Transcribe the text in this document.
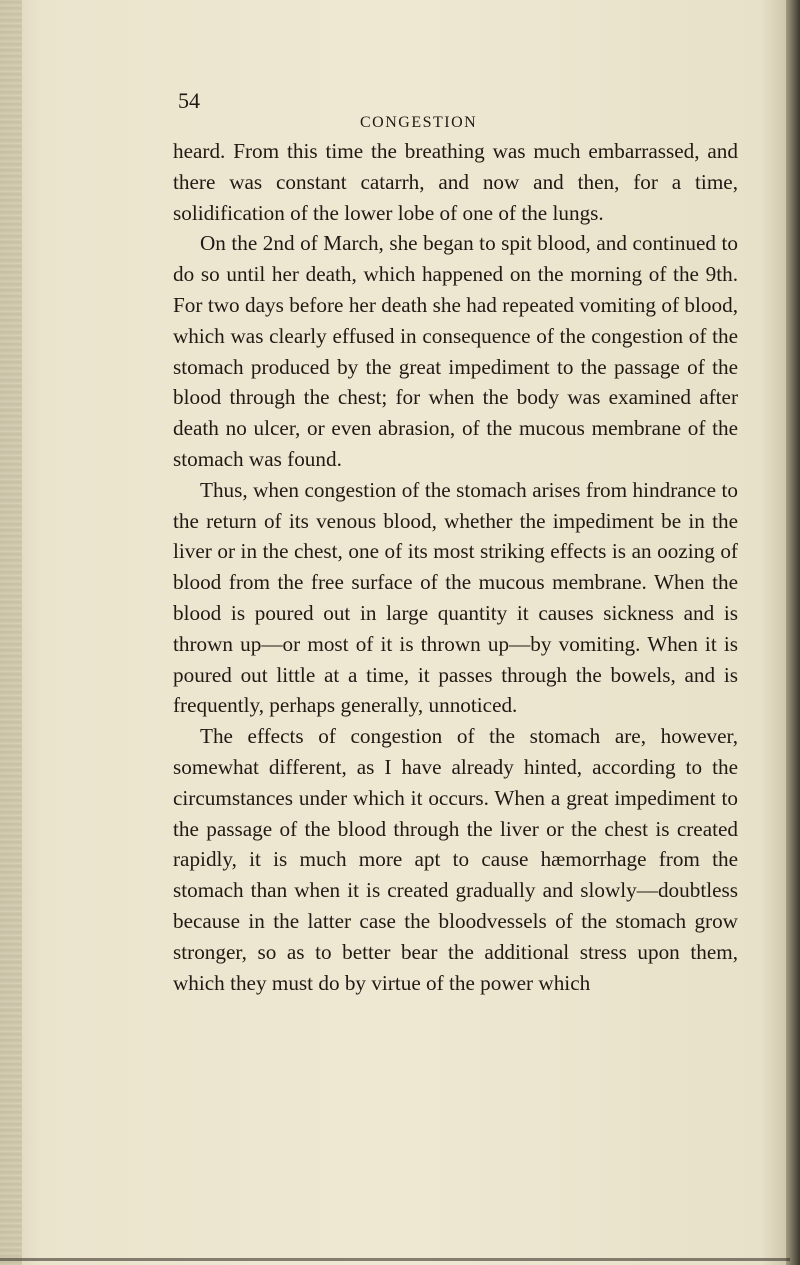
54
CONGESTION

heard. From this time the breathing was much embarrassed, and there was constant catarrh, and now and then, for a time, solidification of the lower lobe of one of the lungs.

On the 2nd of March, she began to spit blood, and continued to do so until her death, which happened on the morning of the 9th. For two days before her death she had repeated vomiting of blood, which was clearly effused in consequence of the congestion of the stomach produced by the great impediment to the passage of the blood through the chest; for when the body was examined after death no ulcer, or even abrasion, of the mucous membrane of the stomach was found.

Thus, when congestion of the stomach arises from hindrance to the return of its venous blood, whether the impediment be in the liver or in the chest, one of its most striking effects is an oozing of blood from the free surface of the mucous membrane. When the blood is poured out in large quantity it causes sickness and is thrown up—or most of it is thrown up—by vomiting. When it is poured out little at a time, it passes through the bowels, and is frequently, perhaps generally, unnoticed.

The effects of congestion of the stomach are, however, somewhat different, as I have already hinted, according to the circumstances under which it occurs. When a great impediment to the passage of the blood through the liver or the chest is created rapidly, it is much more apt to cause hæmorrhage from the stomach than when it is created gradually and slowly—doubtless because in the latter case the bloodvessels of the stomach grow stronger, so as to better bear the additional stress upon them, which they must do by virtue of the power which
